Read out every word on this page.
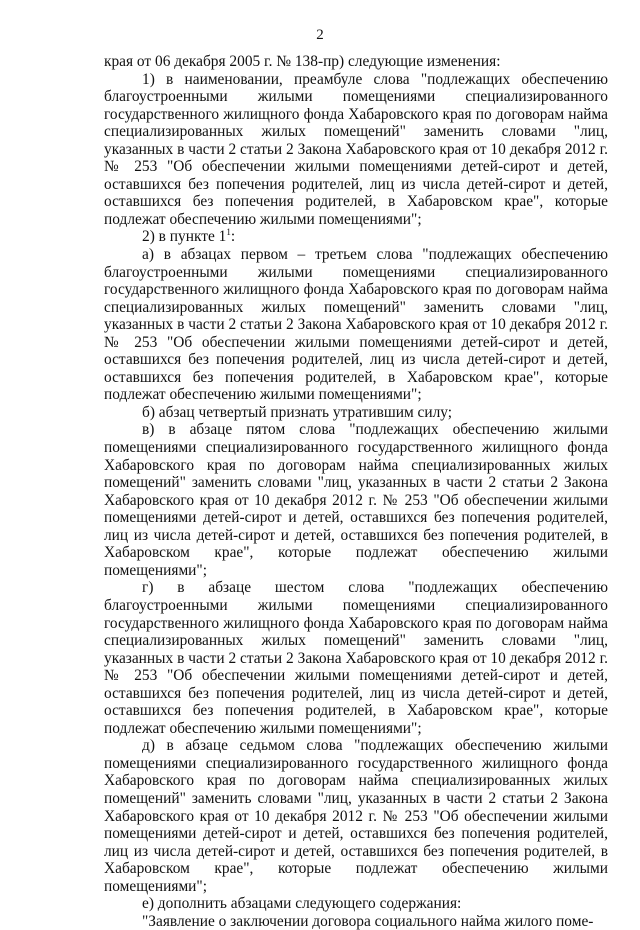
2

края от 06 декабря 2005 г. № 138-пр) следующие изменения:

1) в наименовании, преамбуле слова "подлежащих обеспечению благоустроенными жилыми помещениями специализированного государственного жилищного фонда Хабаровского края по договорам найма специализированных жилых помещений" заменить словами "лиц, указанных в части 2 статьи 2 Закона Хабаровского края от 10 декабря 2012 г. № 253 "Об обеспечении жилыми помещениями детей-сирот и детей, оставшихся без попечения родителей, лиц из числа детей-сирот и детей, оставшихся без попечения родителей, в Хабаровском крае", которые подлежат обеспечению жилыми помещениями";

2) в пункте $1^1$:

а) в абзацах первом – третьем слова "подлежащих обеспечению благоустроенными жилыми помещениями специализированного государственного жилищного фонда Хабаровского края по договорам найма специализированных жилых помещений" заменить словами "лиц, указанных в части 2 статьи 2 Закона Хабаровского края от 10 декабря 2012 г. № 253 "Об обеспечении жилыми помещениями детей-сирот и детей, оставшихся без попечения родителей, лиц из числа детей-сирот и детей, оставшихся без попечения родителей, в Хабаровском крае", которые подлежат обеспечению жилыми помещениями";

б) абзац четвертый признать утратившим силу;

в) в абзаце пятом слова "подлежащих обеспечению жилыми помещениями специализированного государственного жилищного фонда Хабаровского края по договорам найма специализированных жилых помещений" заменить словами "лиц, указанных в части 2 статьи 2 Закона Хабаровского края от 10 декабря 2012 г. № 253 "Об обеспечении жилыми помещениями детей-сирот и детей, оставшихся без попечения родителей, лиц из числа детей-сирот и детей, оставшихся без попечения родителей, в Хабаровском крае", которые подлежат обеспечению жилыми помещениями";

г) в абзаце шестом слова "подлежащих обеспечению благоустроенными жилыми помещениями специализированного государственного жилищного фонда Хабаровского края по договорам найма специализированных жилых помещений" заменить словами "лиц, указанных в части 2 статьи 2 Закона Хабаровского края от 10 декабря 2012 г. № 253 "Об обеспечении жилыми помещениями детей-сирот и детей, оставшихся без попечения родителей, лиц из числа детей-сирот и детей, оставшихся без попечения родителей, в Хабаровском крае", которые подлежат обеспечению жилыми помещениями";

д) в абзаце седьмом слова "подлежащих обеспечению жилыми помещениями специализированного государственного жилищного фонда Хабаровского края по договорам найма специализированных жилых помещений" заменить словами "лиц, указанных в части 2 статьи 2 Закона Хабаровского края от 10 декабря 2012 г. № 253 "Об обеспечении жилыми помещениями детей-сирот и детей, оставшихся без попечения родителей, лиц из числа детей-сирот и детей, оставшихся без попечения родителей, в Хабаровском крае", которые подлежат обеспечению жилыми помещениями";

е) дополнить абзацами следующего содержания:

"Заявление о заключении договора социального найма жилого поме-
